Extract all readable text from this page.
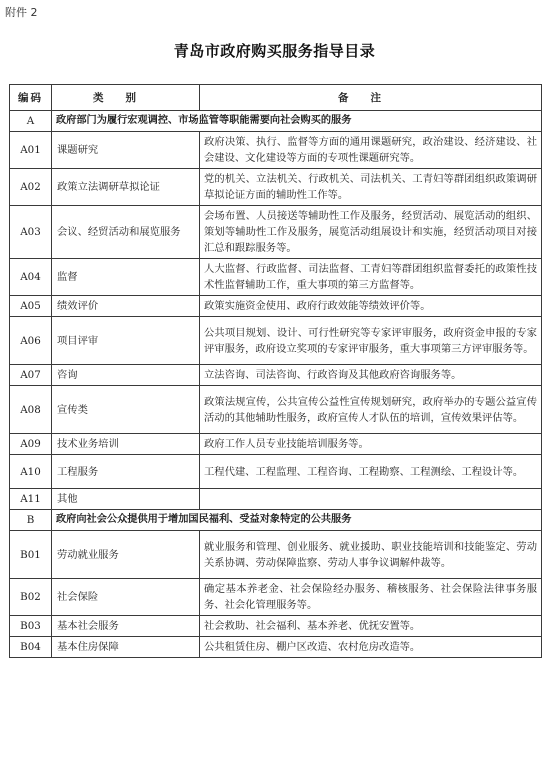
附件 2
青岛市政府购买服务指导目录
编码	类别	备注
A	政府部门为履行宏观调控、市场监管等职能需要向社会购买的服务	
A01	课题研究	政府决策、执行、监督等方面的通用课题研究，政治建设、经济建设、社会建设、文化建设等方面的专项性课题研究等。
A02	政策立法调研草拟论证	党的机关、立法机关、行政机关、司法机关、工青妇等群团组织政策调研草拟论证方面的辅助性工作等。
A03	会议、经贸活动和展览服务	会场布置、人员接送等辅助性工作及服务，经贸活动、展览活动的组织、策划等辅助性工作及服务，展览活动组展设计和实施，经贸活动项目对接汇总和跟踪服务等。
A04	监督	人大监督、行政监督、司法监督、工青妇等群团组织监督委托的政策性技术性监督辅助工作，重大事项的第三方监督等。
A05	绩效评价	政策实施资金使用、政府行政效能等绩效评价等。
A06	项目评审	公共项目规划、设计、可行性研究等专家评审服务，政府资金申报的专家评审服务，政府设立奖项的专家评审服务，重大事项第三方评审服务等。
A07	咨询	立法咨询、司法咨询、行政咨询及其他政府咨询服务等。
A08	宣传类	政策法规宣传，公共宣传公益性宣传规划研究，政府举办的专题公益宣传活动的其他辅助性服务，政府宣传人才队伍的培训，宣传效果评估等。
A09	技术业务培训	政府工作人员专业技能培训服务等。
A10	工程服务	工程代建、工程监理、工程咨询、工程勘察、工程测绘、工程设计等。
A11	其他	
B	政府向社会公众提供用于增加国民福利、受益对象特定的公共服务	
B01	劳动就业服务	就业服务和管理、创业服务、就业援助、职业技能培训和技能鉴定、劳动关系协调、劳动保障监察、劳动人事争议调解仲裁等。
B02	社会保险	确定基本养老金、社会保险经办服务、稽核服务、社会保险法律事务服务、社会化管理服务等。
B03	基本社会服务	社会救助、社会福利、基本养老、优抚安置等。
B04	基本住房保障	公共租赁住房、棚户区改造、农村危房改造等。
